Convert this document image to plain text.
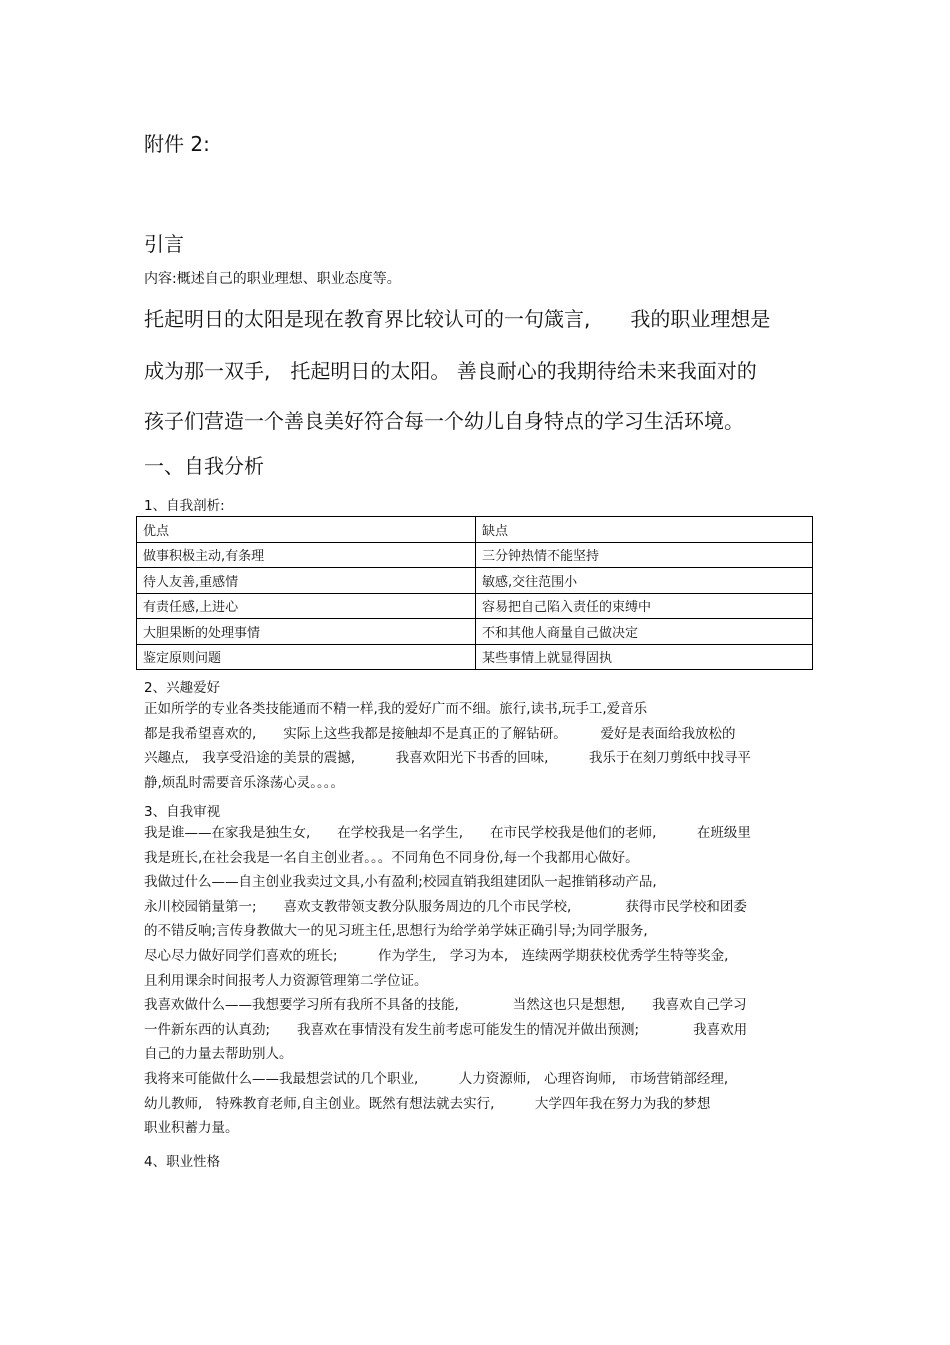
附件 2:
引言
内容:概述自己的职业理想、职业态度等。
托起明日的太阳是现在教育界比较认可的一句箴言,　　我的职业理想是
成为那一双手,　托起明日的太阳。 善良耐心的我期待给未来我面对的
孩子们营造一个善良美好符合每一个幼儿自身特点的学习生活环境。
一、自我分析
1、自我剖析:
优点	缺点
做事积极主动,有条理	三分钟热情不能坚持
待人友善,重感情	敏感,交往范围小
有责任感,上进心	容易把自己陷入责任的束缚中
大胆果断的处理事情	不和其他人商量自己做决定
鉴定原则问题	某些事情上就显得固执
2、兴趣爱好
正如所学的专业各类技能通而不精一样,我的爱好广而不细。旅行,读书,玩手工,爱音乐
都是我希望喜欢的,　　实际上这些我都是接触却不是真正的了解钻研。　　　爱好是表面给我放松的
兴趣点,　我享受沿途的美景的震撼,　　　我喜欢阳光下书香的回味,　　　我乐于在刻刀剪纸中找寻平
静,烦乱时需要音乐涤荡心灵。。。。
3、自我审视
我是谁——在家我是独生女,　　在学校我是一名学生,　　在市民学校我是他们的老师,　　　在班级里
我是班长,在社会我是一名自主创业者。。。不同角色不同身份,每一个我都用心做好。
我做过什么——自主创业我卖过文具,小有盈利;校园直销我组建团队一起推销移动产品,
永川校园销量第一;　　喜欢支教带领支教分队服务周边的几个市民学校,　　　　获得市民学校和团委
的不错反响;言传身教做大一的见习班主任,思想行为给学弟学妹正确引导;为同学服务,
尽心尽力做好同学们喜欢的班长;　　　作为学生,　学习为本,　连续两学期获校优秀学生特等奖金,
且利用课余时间报考人力资源管理第二学位证。
我喜欢做什么——我想要学习所有我所不具备的技能,　　　　当然这也只是想想,　　我喜欢自己学习
一件新东西的认真劲;　　我喜欢在事情没有发生前考虑可能发生的情况并做出预测;　　　　我喜欢用
自己的力量去帮助别人。
我将来可能做什么——我最想尝试的几个职业,　　　人力资源师,　心理咨询师,　市场营销部经理,
幼儿教师,　特殊教育老师,自主创业。既然有想法就去实行,　　　大学四年我在努力为我的梦想
职业积蓄力量。
4、职业性格
